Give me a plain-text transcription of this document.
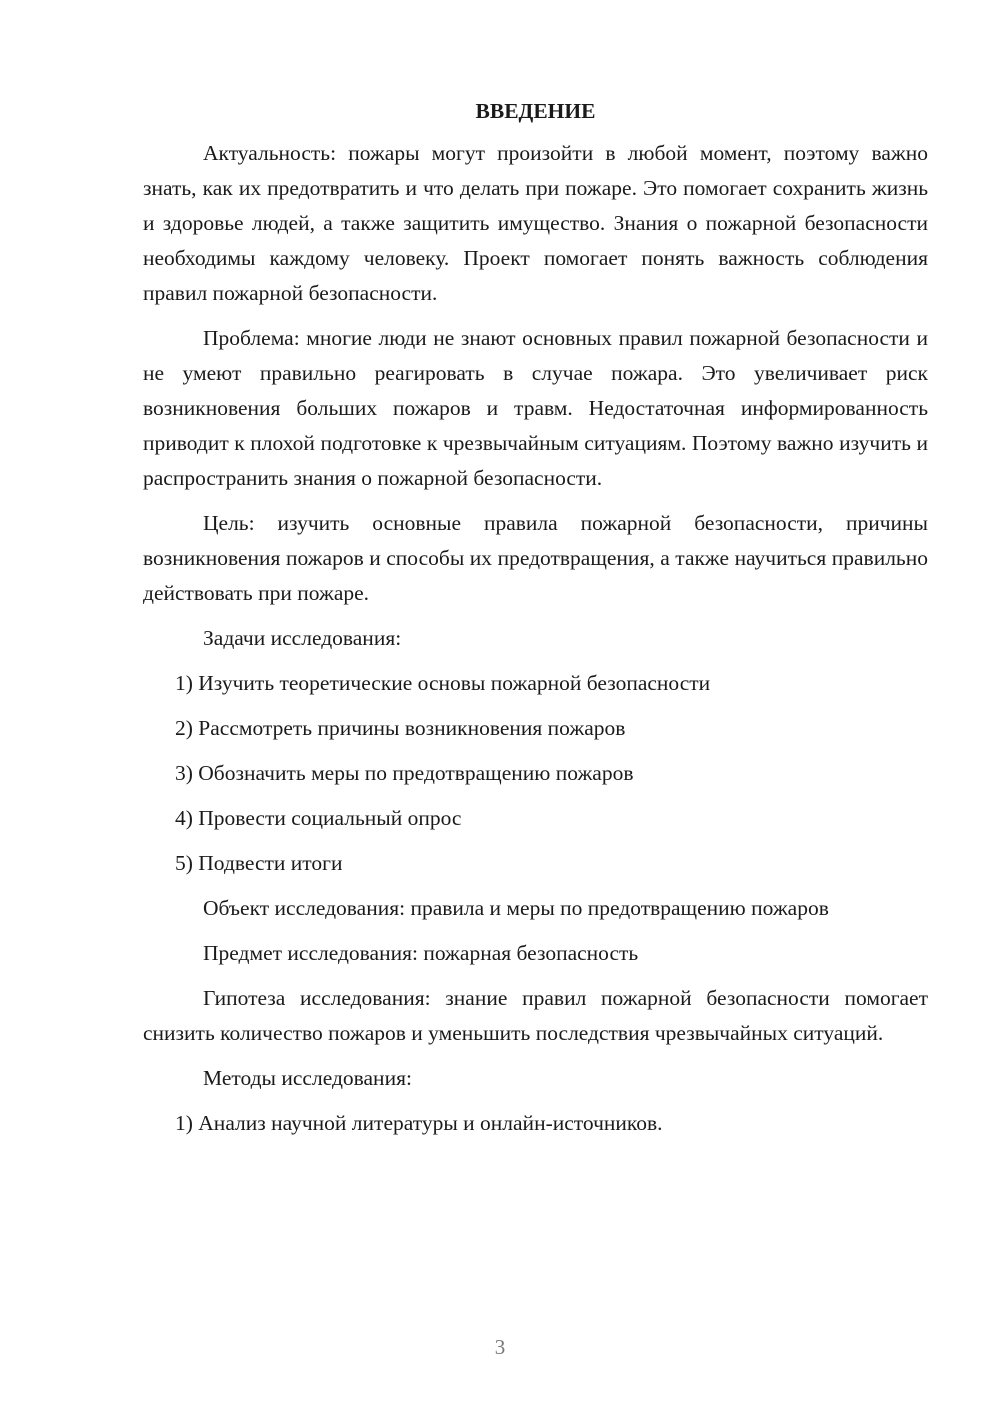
ВВЕДЕНИЕ

Актуальность: пожары могут произойти в любой момент, поэтому важно знать, как их предотвратить и что делать при пожаре. Это помогает сохранить жизнь и здоровье людей, а также защитить имущество. Знания о пожарной безопасности необходимы каждому человеку. Проект помогает понять важность соблюдения правил пожарной безопасности.

Проблема: многие люди не знают основных правил пожарной безопасности и не умеют правильно реагировать в случае пожара. Это увеличивает риск возникновения больших пожаров и травм. Недостаточная информированность приводит к плохой подготовке к чрезвычайным ситуациям. Поэтому важно изучить и распространить знания о пожарной безопасности.

Цель: изучить основные правила пожарной безопасности, причины возникновения пожаров и способы их предотвращения, а также научиться правильно действовать при пожаре.

Задачи исследования:

1) Изучить теоретические основы пожарной безопасности
2) Рассмотреть причины возникновения пожаров
3) Обозначить меры по предотвращению пожаров
4) Провести социальный опрос
5) Подвести итоги

Объект исследования: правила и меры по предотвращению пожаров

Предмет исследования: пожарная безопасность

Гипотеза исследования: знание правил пожарной безопасности помогает снизить количество пожаров и уменьшить последствия чрезвычайных ситуаций.

Методы исследования:

1) Анализ научной литературы и онлайн-источников.
3
